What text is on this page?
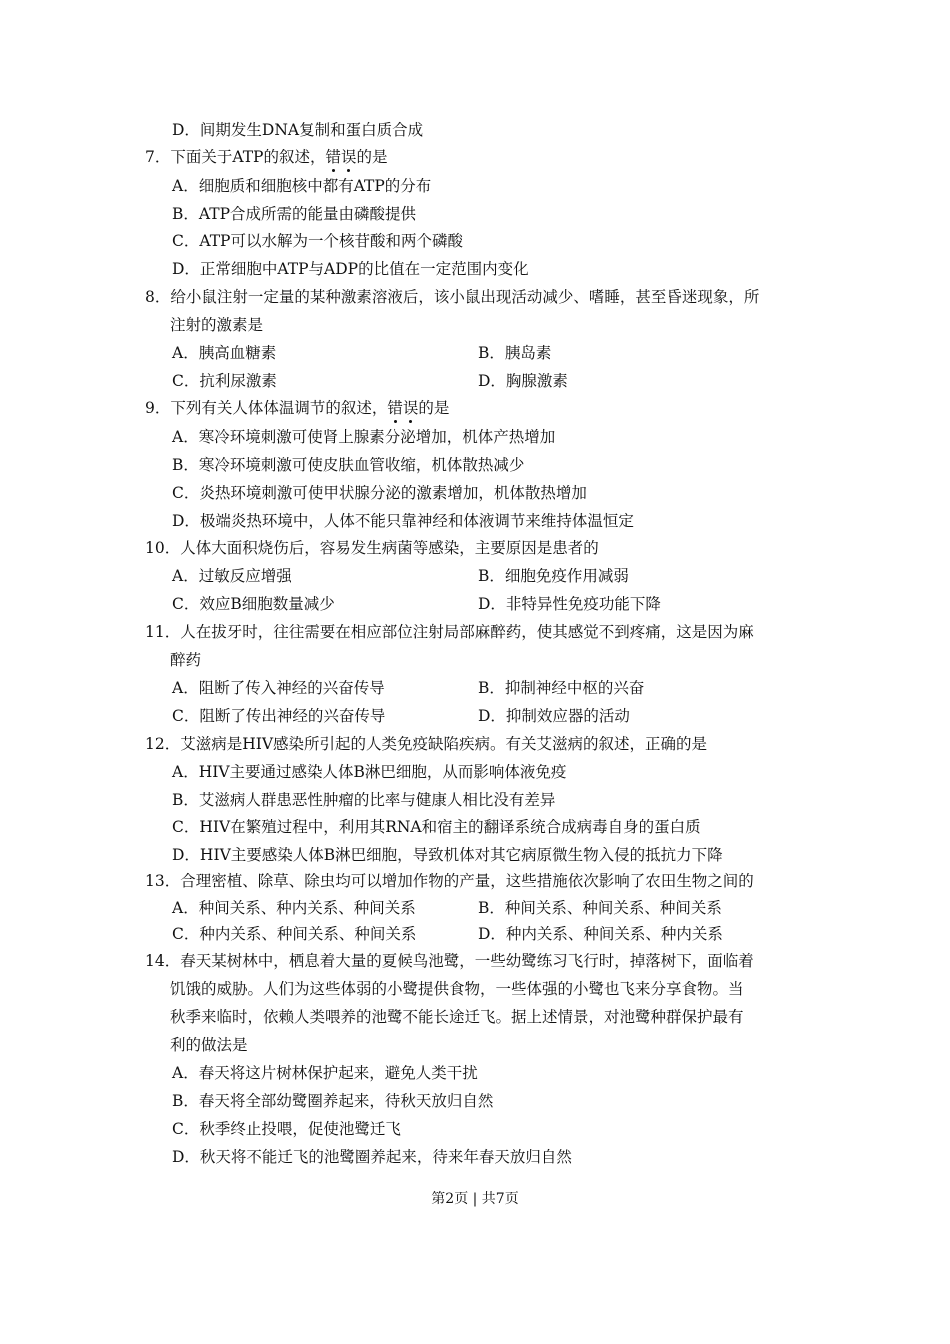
D．间期发生DNA复制和蛋白质合成
7．下面关于ATP的叙述，错误的是
A．细胞质和细胞核中都有ATP的分布
B．ATP合成所需的能量由磷酸提供
C．ATP可以水解为一个核苷酸和两个磷酸
D．正常细胞中ATP与ADP的比值在一定范围内变化
8．给小鼠注射一定量的某种激素溶液后，该小鼠出现活动减少、嗜睡，甚至昏迷现象，所
注射的激素是
A．胰高血糖素	B．胰岛素
C．抗利尿激素	D．胸腺激素
9．下列有关人体体温调节的叙述，错误的是
A．寒冷环境刺激可使肾上腺素分泌增加，机体产热增加
B．寒冷环境刺激可使皮肤血管收缩，机体散热减少
C．炎热环境刺激可使甲状腺分泌的激素增加，机体散热增加
D．极端炎热环境中，人体不能只靠神经和体液调节来维持体温恒定
10．人体大面积烧伤后，容易发生病菌等感染，主要原因是患者的
A．过敏反应增强	B．细胞免疫作用减弱
C．效应B细胞数量减少	D．非特异性免疫功能下降
11．人在拔牙时，往往需要在相应部位注射局部麻醉药，使其感觉不到疼痛，这是因为麻
醉药
A．阻断了传入神经的兴奋传导	B．抑制神经中枢的兴奋
C．阻断了传出神经的兴奋传导	D．抑制效应器的活动
12．艾滋病是HIV感染所引起的人类免疫缺陷疾病。有关艾滋病的叙述，正确的是
A．HIV主要通过感染人体B淋巴细胞，从而影响体液免疫
B．艾滋病人群患恶性肿瘤的比率与健康人相比没有差异
C．HIV在繁殖过程中，利用其RNA和宿主的翻译系统合成病毒自身的蛋白质
D．HIV主要感染人体B淋巴细胞，导致机体对其它病原微生物入侵的抵抗力下降
13．合理密植、除草、除虫均可以增加作物的产量，这些措施依次影响了农田生物之间的
A．种间关系、种内关系、种间关系	B．种间关系、种间关系、种间关系
C．种内关系、种间关系、种间关系	D．种内关系、种间关系、种内关系
14．春天某树林中，栖息着大量的夏候鸟池鹭，一些幼鹭练习飞行时，掉落树下，面临着
饥饿的威胁。人们为这些体弱的小鹭提供食物，一些体强的小鹭也飞来分享食物。当
秋季来临时，依赖人类喂养的池鹭不能长途迁飞。据上述情景，对池鹭种群保护最有
利的做法是
A．春天将这片树林保护起来，避免人类干扰
B．春天将全部幼鹭圈养起来，待秋天放归自然
C．秋季终止投喂，促使池鹭迁飞
D．秋天将不能迁飞的池鹭圈养起来，待来年春天放归自然
第2页 | 共7页
